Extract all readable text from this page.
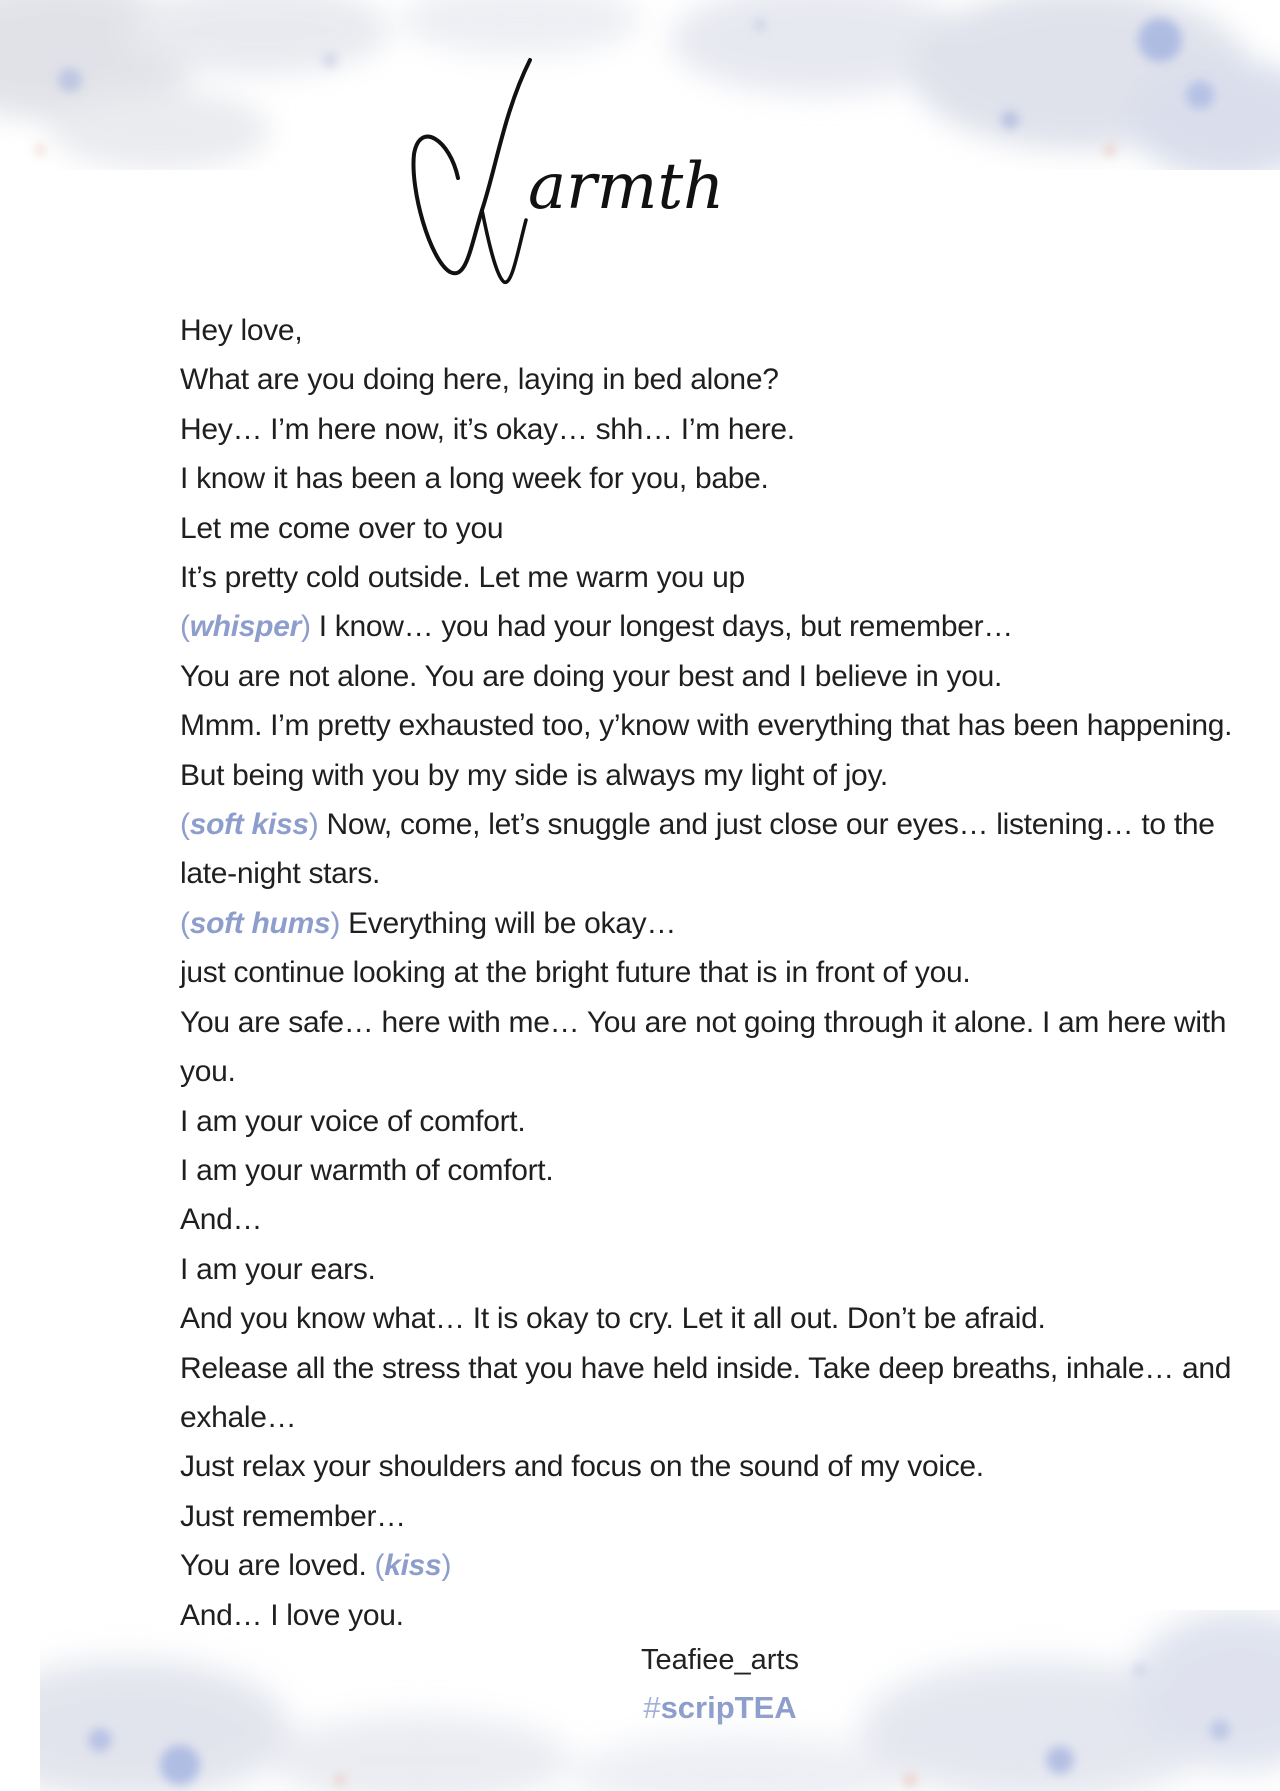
armth
Hey love,
What are you doing here, laying in bed alone?
Hey… I’m here now, it’s okay… shh… I’m here.
I know it has been a long week for you, babe.
Let me come over to you
It’s pretty cold outside. Let me warm you up
(whisper) I know… you had your longest days, but remember…
You are not alone. You are doing your best and I believe in you.
Mmm. I’m pretty exhausted too, y’know with everything that has been happening.
But being with you by my side is always my light of joy.
(soft kiss) Now, come, let’s snuggle and just close our eyes… listening… to the late-night stars.
(soft hums) Everything will be okay…
just continue looking at the bright future that is in front of you.
You are safe… here with me… You are not going through it alone. I am here with you.
I am your voice of comfort.
I am your warmth of comfort.
And…
I am your ears.
And you know what… It is okay to cry. Let it all out. Don’t be afraid.
Release all the stress that you have held inside. Take deep breaths, inhale… and exhale…
Just relax your shoulders and focus on the sound of my voice.
Just remember…
You are loved. (kiss)
And… I love you.
Teafiee_arts
#scripTEA
